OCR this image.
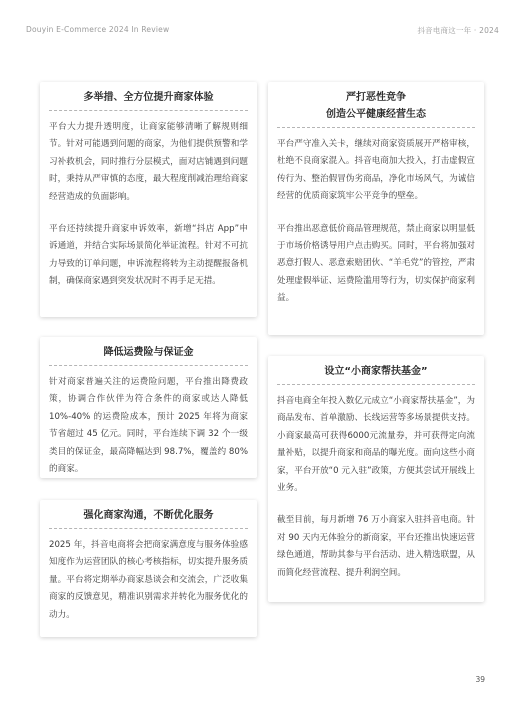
Douyin E-Commerce 2024 In Review	抖音电商这一年 · 2024
多举措、全方位提升商家体验

平台大力提升透明度，让商家能够清晰了解规则细节。针对可能遇到问题的商家，为他们提供预警和学习补救机会，同时推行分层模式，面对店铺遇到问题时，秉持从严审慎的态度，最大程度削减治理给商家经营造成的负面影响。

平台还持续提升商家申诉效率，新增“抖店 App”申诉通道，并结合实际场景简化举证流程。针对不可抗力导致的订单问题，申诉流程将转为主动提醒报备机制，确保商家遇到突发状况时不再手足无措。

严打恶性竞争
创造公平健康经营生态

平台严守准入关卡，继续对商家资质展开严格审核，杜绝不良商家混入。抖音电商加大投入，打击虚假宣传行为、整治假冒伪劣商品，净化市场风气，为诚信经营的优质商家筑牢公平竞争的壁垒。

平台推出恶意低价商品管理规范，禁止商家以明显低于市场价格诱导用户点击购买。同时，平台将加强对恶意打假人、恶意索赔团伙、“羊毛党”的管控，严肃处理虚假举证、运费险滥用等行为，切实保护商家利益。

降低运费险与保证金

针对商家普遍关注的运费险问题，平台推出降费政策，协调合作伙伴为符合条件的商家或达人降低 10%-40% 的运费险成本，预计 2025 年将为商家节省超过 45 亿元。同时，平台连续下调 32 个一级类目的保证金，最高降幅达到 98.7%，覆盖约 80% 的商家。

设立“小商家帮扶基金”

抖音电商全年投入数亿元成立“小商家帮扶基金”，为商品发布、首单激励、长线运营等多场景提供支持。小商家最高可获得6000元流量券，并可获得定向流量补贴，以提升商家和商品的曝光度。面向这些小商家，平台开放“0 元入驻”政策，方便其尝试开展线上业务。

截至目前，每月新增 76 万小商家入驻抖音电商。针对 90 天内无体验分的新商家，平台还推出快速运营绿色通道，帮助其参与平台活动、进入精选联盟，从而简化经营流程、提升利润空间。

强化商家沟通，不断优化服务

2025 年，抖音电商将会把商家满意度与服务体验感知度作为运营团队的核心考核指标，切实提升服务质量。平台将定期举办商家恳谈会和交流会，广泛收集商家的反馈意见，精准识别需求并转化为服务优化的动力。

39
